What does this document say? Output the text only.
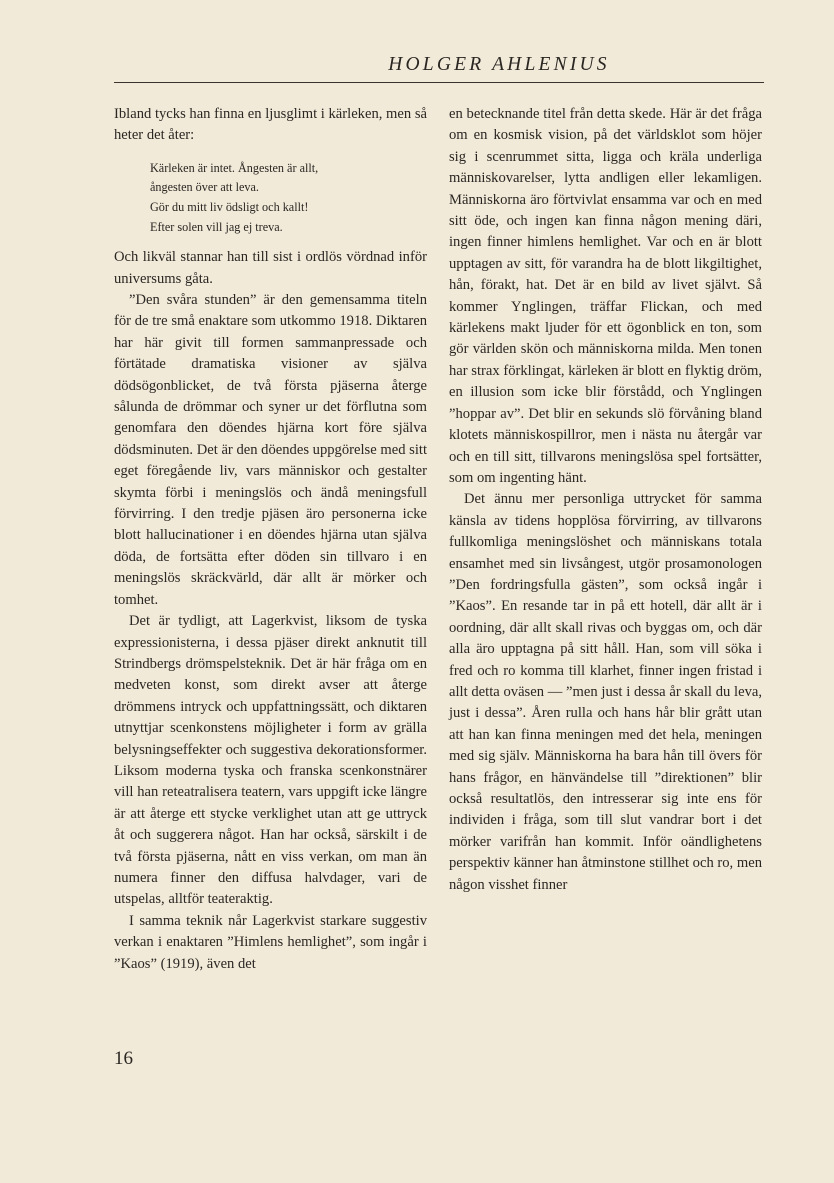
HOLGER AHLENIUS

Ibland tycks han finna en ljusglimt i kärleken, men så heter det åter:

Kärleken är intet. Ångesten är allt,
ångesten över att leva.
Gör du mitt liv ödsligt och kallt!
Efter solen vill jag ej treva.

Och likväl stannar han till sist i ordlös vördnad inför universums gåta.

”Den svåra stunden” är den gemensamma titeln för de tre små enaktare som utkommo 1918. Diktaren har här givit till formen sammanpressade och förtätade dramatiska visioner av själva dödsögonblicket, de två första pjäserna återge sålunda de drömmar och syner ur det förflutna som genomfara den döendes hjärna kort före själva dödsminuten. Det är den döendes uppgörelse med sitt eget föregående liv, vars människor och gestalter skymta förbi i meningslös och ändå meningsfull förvirring. I den tredje pjäsen äro personerna icke blott hallucinationer i en döendes hjärna utan själva döda, de fortsätta efter döden sin tillvaro i en meningslös skräckvärld, där allt är mörker och tomhet.

Det är tydligt, att Lagerkvist, liksom de tyska expressionisterna, i dessa pjäser direkt anknutit till Strindbergs drömspelsteknik. Det är här fråga om en medveten konst, som direkt avser att återge drömmens intryck och uppfattningssätt, och diktaren utnyttjar scenkonstens möjligheter i form av grälla belysningseffekter och suggestiva dekorationsformer. Liksom moderna tyska och franska scenkonstnärer vill han reteatralisera teatern, vars uppgift icke längre är att återge ett stycke verklighet utan att ge uttryck åt och suggerera något. Han har också, särskilt i de två första pjäserna, nått en viss verkan, om man än numera finner den diffusa halvdager, vari de utspelas, alltför teateraktig.

I samma teknik når Lagerkvist starkare suggestiv verkan i enaktaren ”Himlens hemlighet”, som ingår i ”Kaos” (1919), även det

en betecknande titel från detta skede. Här är det fråga om en kosmisk vision, på det världsklot som höjer sig i scenrummet sitta, ligga och kräla underliga människovarelser, lytta andligen eller lekamligen. Människorna äro förtvivlat ensamma var och en med sitt öde, och ingen kan finna någon mening däri, ingen finner himlens hemlighet. Var och en är blott upptagen av sitt, för varandra ha de blott likgiltighet, hån, förakt, hat. Det är en bild av livet självt. Så kommer Ynglingen, träffar Flickan, och med kärlekens makt ljuder för ett ögonblick en ton, som gör världen skön och människorna milda. Men tonen har strax förklingat, kärleken är blott en flyktig dröm, en illusion som icke blir förstådd, och Ynglingen ”hoppar av”. Det blir en sekunds slö förvåning bland klotets människospillror, men i nästa nu återgår var och en till sitt, tillvarons meningslösa spel fortsätter, som om ingenting hänt.

Det ännu mer personliga uttrycket för samma känsla av tidens hopplösa förvirring, av tillvarons fullkomliga meningslöshet och människans totala ensamhet med sin livsångest, utgör prosamonologen ”Den fordringsfulla gästen”, som också ingår i ”Kaos”. En resande tar in på ett hotell, där allt är i oordning, där allt skall rivas och byggas om, och där alla äro upptagna på sitt håll. Han, som vill söka i fred och ro komma till klarhet, finner ingen fristad i allt detta oväsen — ”men just i dessa år skall du leva, just i dessa”. Åren rulla och hans hår blir grått utan att han kan finna meningen med det hela, meningen med sig själv. Människorna ha bara hån till övers för hans frågor, en hänvändelse till ”direktionen” blir också resultatlös, den intresserar sig inte ens för individen i fråga, som till slut vandrar bort i det mörker varifrån han kommit. Inför oändlighetens perspektiv känner han åtminstone stillhet och ro, men någon visshet finner

16
